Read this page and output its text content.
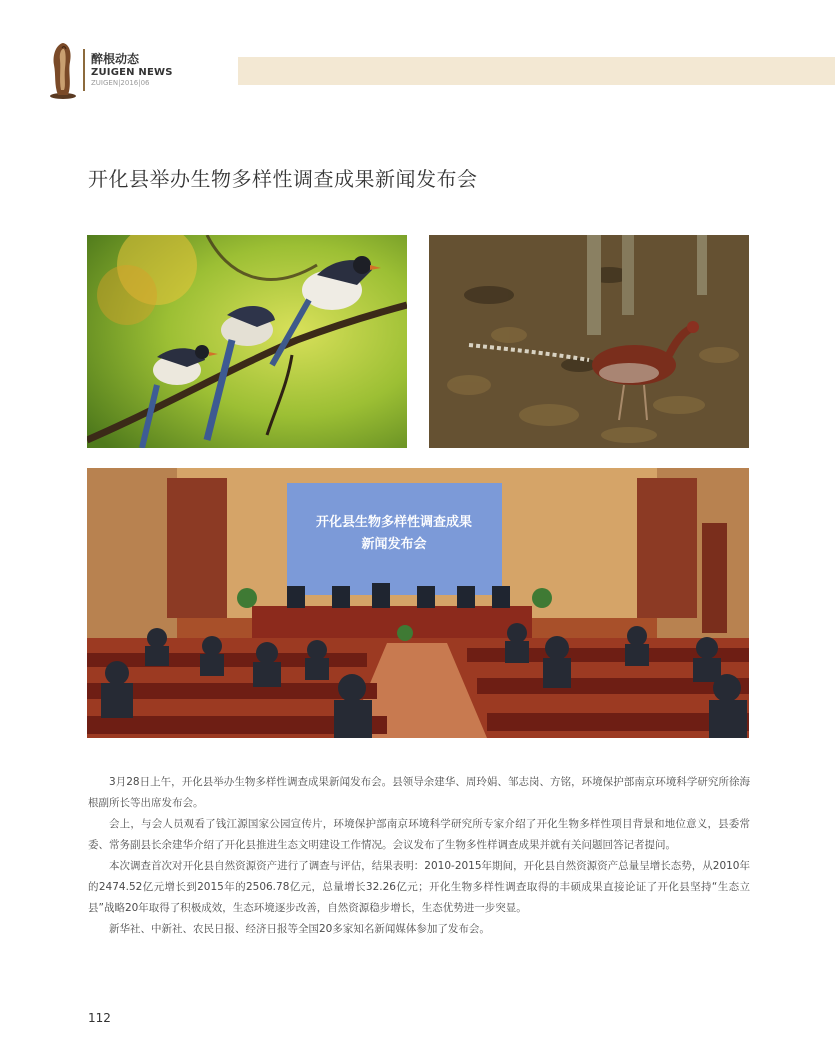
醉根动态
ZUIGEN NEWS
ZUIGEN|2016|06
开化县举办生物多样性调查成果新闻发布会
开化县生物多样性调查成果
新闻发布会

3月28日上午，开化县举办生物多样性调查成果新闻发布会。县领导余建华、周玲娟、邹志岗、方铭，环境保护部南京环境科学研究所徐海根副所长等出席发布会。

会上，与会人员观看了钱江源国家公园宣传片，环境保护部南京环境科学研究所专家介绍了开化生物多样性项目背景和地位意义，县委常委、常务副县长余建华介绍了开化县推进生态文明建设工作情况。会议发布了生物多性样调查成果并就有关问题回答记者提问。

本次调查首次对开化县自然资源资产进行了调查与评估，结果表明：2010-2015年期间，开化县自然资源资产总量呈增长态势，从2010年的2474.52亿元增长到2015年的2506.78亿元，总量增长32.26亿元；开化生物多样性调查取得的丰硕成果直接论证了开化县坚持“生态立县”战略20年取得了积极成效，生态环境逐步改善，自然资源稳步增长，生态优势进一步突显。

新华社、中新社、农民日报、经济日报等全国20多家知名新闻媒体参加了发布会。

112
